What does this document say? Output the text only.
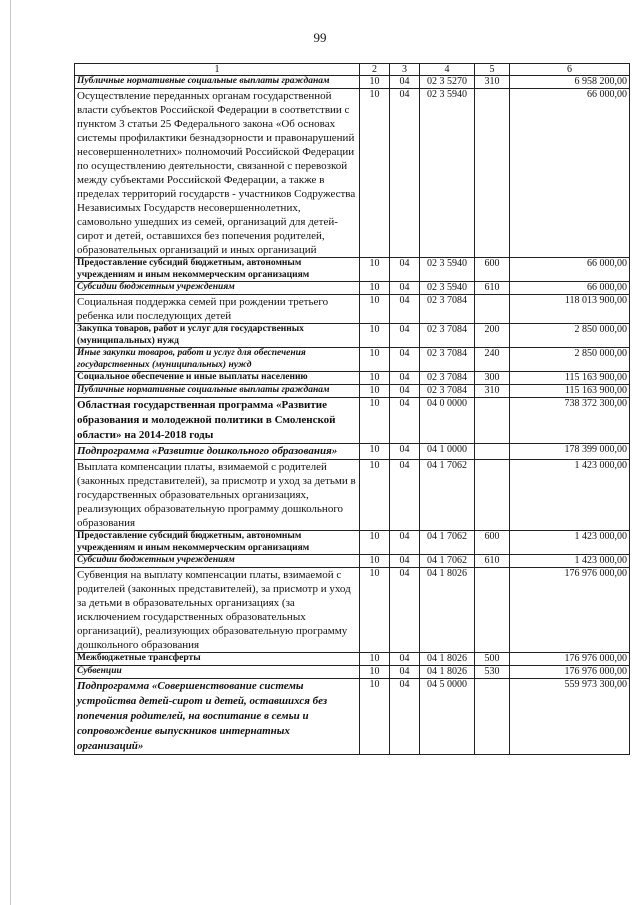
99
1	2	3	4	5	6
Публичные нормативные социальные выплаты гражданам	10	04	02 3 5270	310	6 958 200,00
Осуществление переданных органам государственной власти субъектов Российской Федерации в соответствии с пунктом 3 статьи 25 Федерального закона «Об основах системы профилактики безнадзорности и правонарушений несовершеннолетних» полномочий Российской Федерации по осуществлению деятельности, связанной с перевозкой между субъектами Российской Федерации, а также в пределах территорий государств - участников Содружества Независимых Государств несовершеннолетних, самовольно ушедших из семей, организаций для детей-сирот и детей, оставшихся без попечения родителей, образовательных организаций и иных организаций	10	04	02 3 5940		66 000,00
Предоставление субсидий бюджетным, автономным учреждениям и иным некоммерческим организациям	10	04	02 3 5940	600	66 000,00
Субсидии бюджетным учреждениям	10	04	02 3 5940	610	66 000,00
Социальная поддержка семей при рождении третьего ребенка или последующих детей	10	04	02 3 7084		118 013 900,00
Закупка товаров, работ и услуг для государственных (муниципальных) нужд	10	04	02 3 7084	200	2 850 000,00
Иные закупки товаров, работ и услуг для обеспечения государственных (муниципальных) нужд	10	04	02 3 7084	240	2 850 000,00
Социальное обеспечение и иные выплаты населению	10	04	02 3 7084	300	115 163 900,00
Публичные нормативные социальные выплаты гражданам	10	04	02 3 7084	310	115 163 900,00
Областная государственная программа «Развитие образования и молодежной политики в Смоленской области» на 2014-2018 годы	10	04	04 0 0000		738 372 300,00
Подпрограмма «Развитие дошкольного образования»	10	04	04 1 0000		178 399 000,00
Выплата компенсации платы, взимаемой с родителей (законных представителей), за присмотр и уход за детьми в государственных образовательных организациях, реализующих образовательную программу дошкольного образования	10	04	04 1 7062		1 423 000,00
Предоставление субсидий бюджетным, автономным учреждениям и иным некоммерческим организациям	10	04	04 1 7062	600	1 423 000,00
Субсидии бюджетным учреждениям	10	04	04 1 7062	610	1 423 000,00
Субвенция на выплату компенсации платы, взимаемой с родителей (законных представителей), за присмотр и уход за детьми в образовательных организациях (за исключением государственных образовательных организаций), реализующих образовательную программу дошкольного образования	10	04	04 1 8026		176 976 000,00
Межбюджетные трансферты	10	04	04 1 8026	500	176 976 000,00
Субвенции	10	04	04 1 8026	530	176 976 000,00
Подпрограмма «Совершенствование системы устройства детей-сирот и детей, оставшихся без попечения родителей, на воспитание в семьи и сопровождение выпускников интернатных организаций»	10	04	04 5 0000		559 973 300,00
